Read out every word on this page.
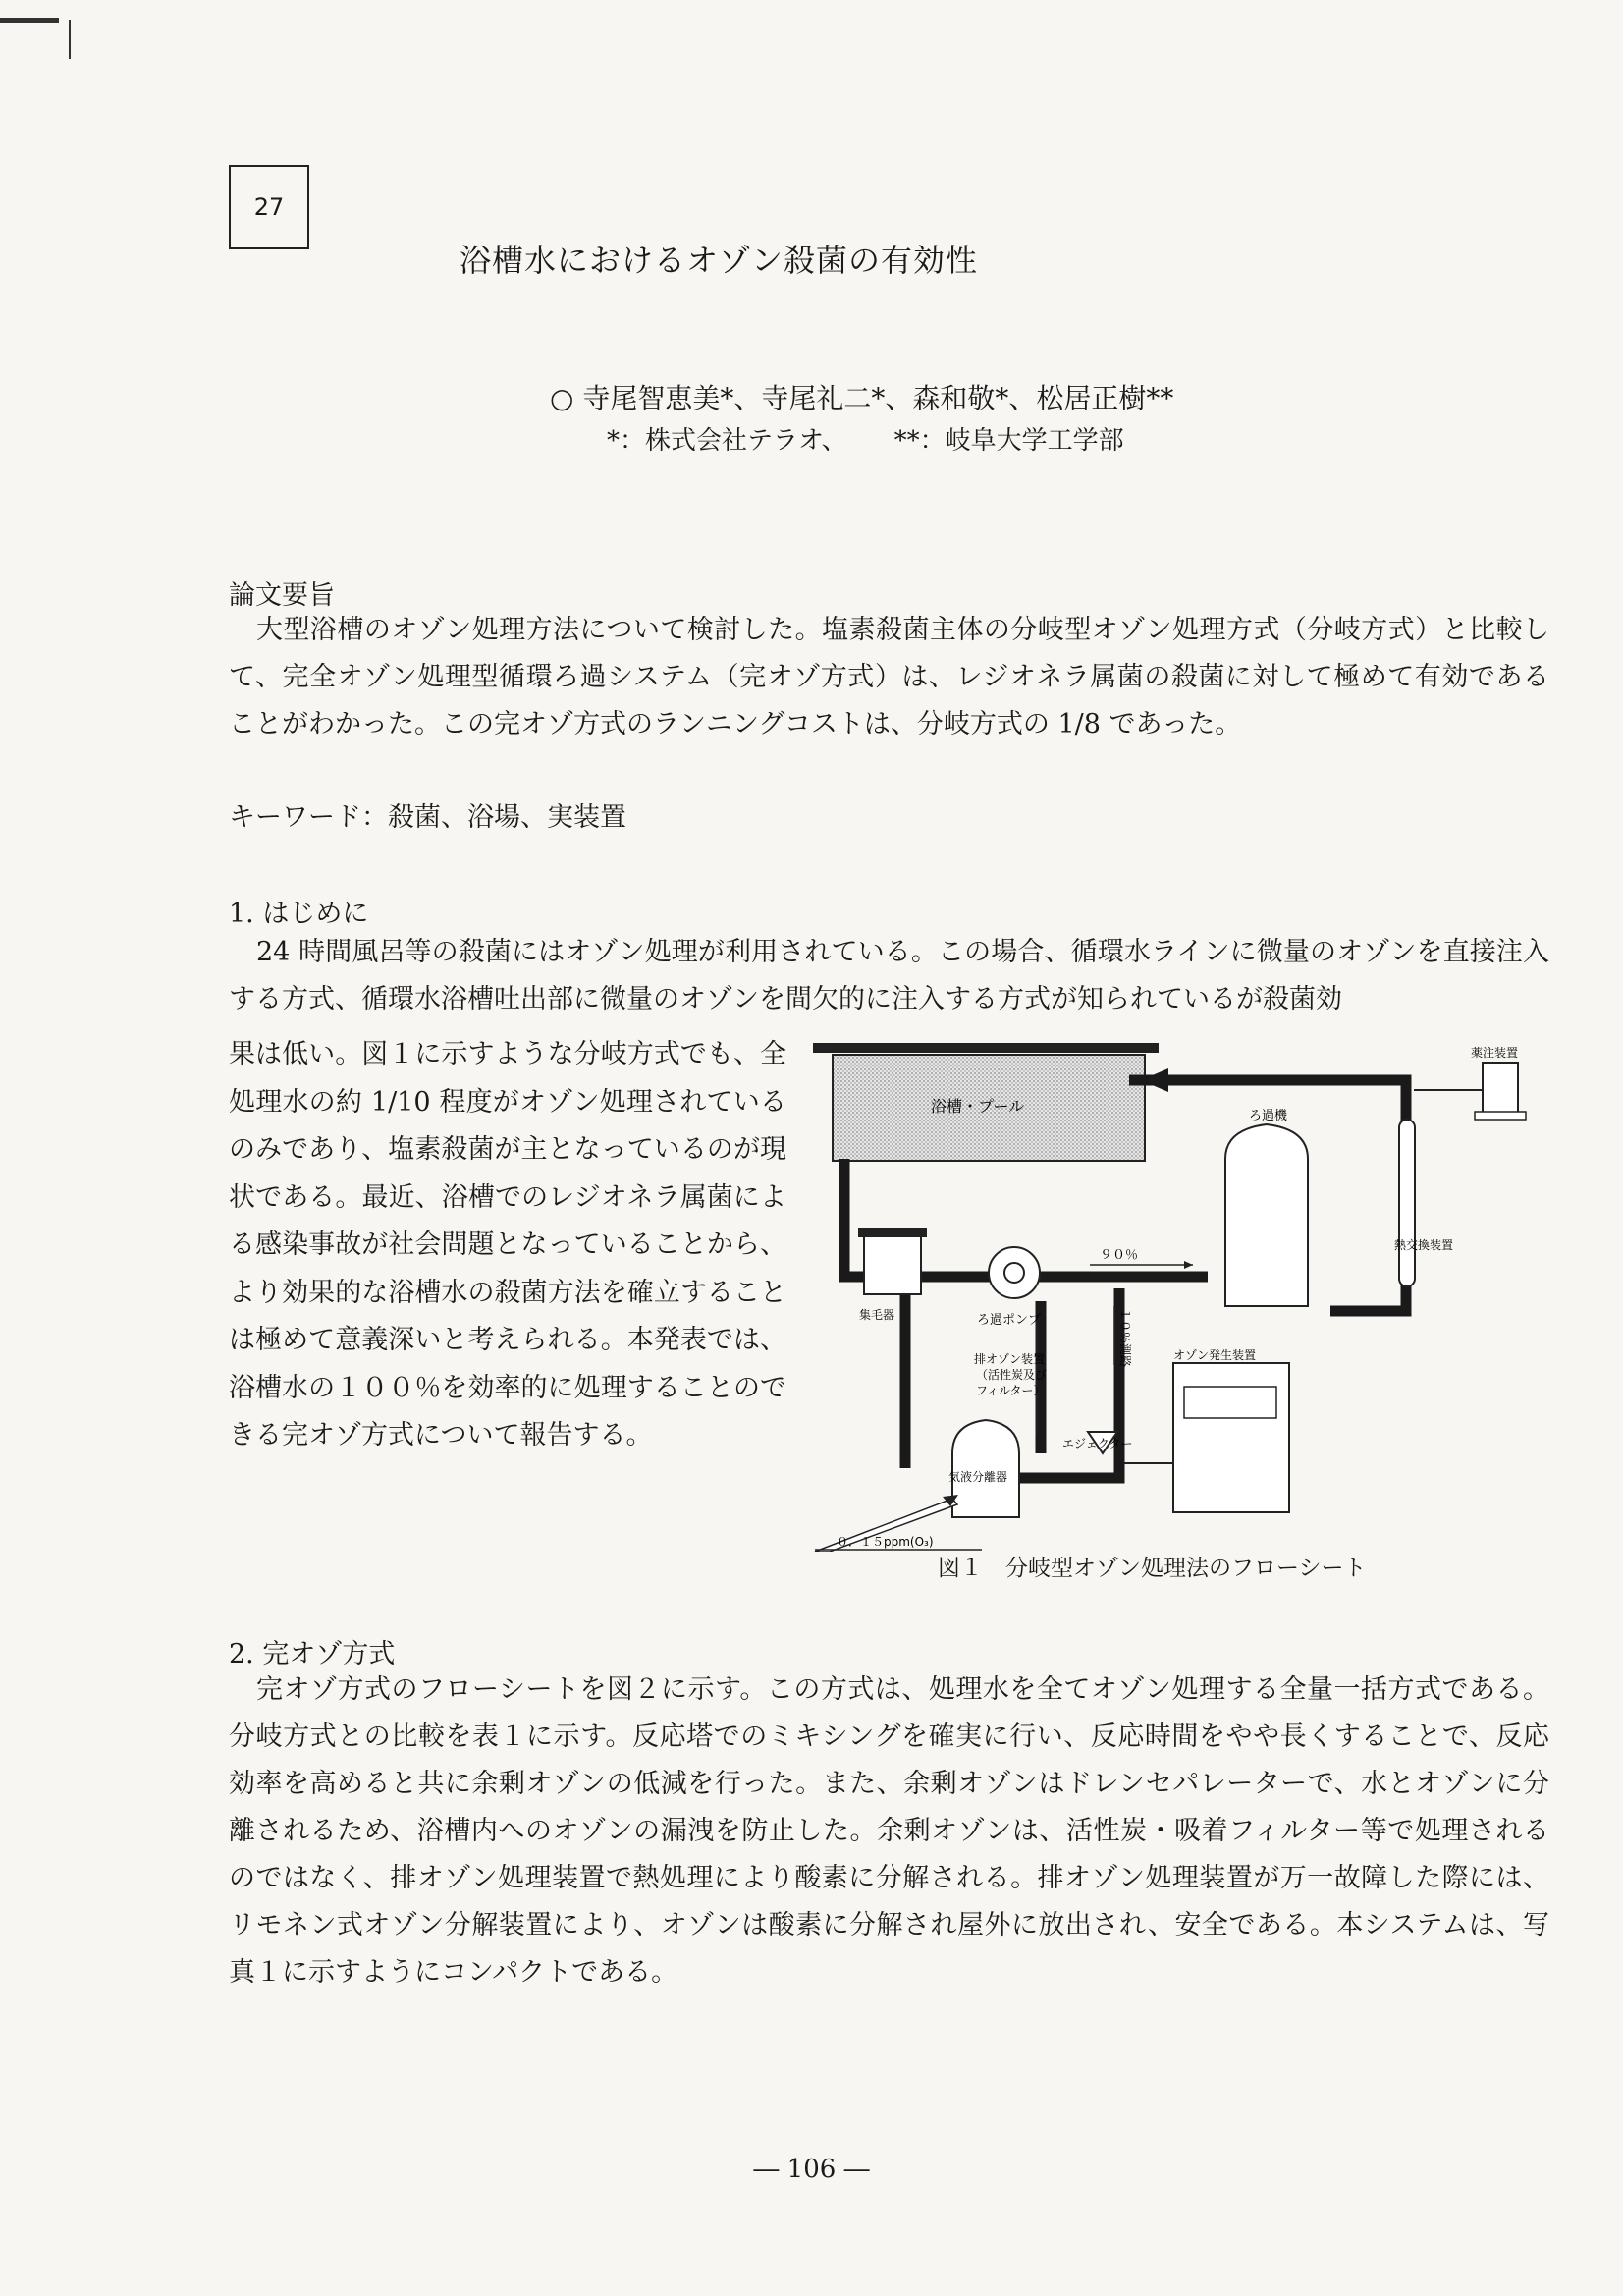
27
浴槽水におけるオゾン殺菌の有効性
○ 寺尾智恵美*、寺尾礼二*、森和敬*、松居正樹**
*：株式会社テラオ、 **：岐阜大学工学部
論文要旨
大型浴槽のオゾン処理方法について検討した。塩素殺菌主体の分岐型オゾン処理方式（分岐方式）と比較して、完全オゾン処理型循環ろ過システム（完オゾ方式）は、レジオネラ属菌の殺菌に対して極めて有効であることがわかった。この完オゾ方式のランニングコストは、分岐方式の 1/8 であった。
キーワード：殺菌、浴場、実装置
1. はじめに
24 時間風呂等の殺菌にはオゾン処理が利用されている。この場合、循環水ラインに微量のオゾンを直接注入する方式、循環水浴槽吐出部に微量のオゾンを間欠的に注入する方式が知られているが殺菌効
果は低い。図１に示すような分岐方式でも、全処理水の約 1/10 程度がオゾン処理されているのみであり、塩素殺菌が主となっているのが現状である。最近、浴槽でのレジオネラ属菌による感染事故が社会問題となっていることから、より効果的な浴槽水の殺菌方法を確立することは極めて意義深いと考えられる。本発表では、浴槽水の１００％を効率的に処理することのできる完オゾ方式について報告する。
浴槽・プール
集毛器	ろ過ポンプ
９０％
ろ過機
熱交換装置
薬注装置
１０％測路
排オゾン装置
（活性炭及び
フィルター）
オゾン発生装置
エジェクター
気液分離器
０．１５ppm(O₃)
図１　分岐型オゾン処理法のフローシート
2. 完オゾ方式
完オゾ方式のフローシートを図２に示す。この方式は、処理水を全てオゾン処理する全量一括方式である。分岐方式との比較を表１に示す。反応塔でのミキシングを確実に行い、反応時間をやや長くすることで、反応効率を高めると共に余剰オゾンの低減を行った。また、余剰オゾンはドレンセパレーターで、水とオゾンに分離されるため、浴槽内へのオゾンの漏洩を防止した。余剰オゾンは、活性炭・吸着フィルター等で処理されるのではなく、排オゾン処理装置で熱処理により酸素に分解される。排オゾン処理装置が万一故障した際には、リモネン式オゾン分解装置により、オゾンは酸素に分解され屋外に放出され、安全である。本システムは、写真１に示すようにコンパクトである。
― 106 ―
